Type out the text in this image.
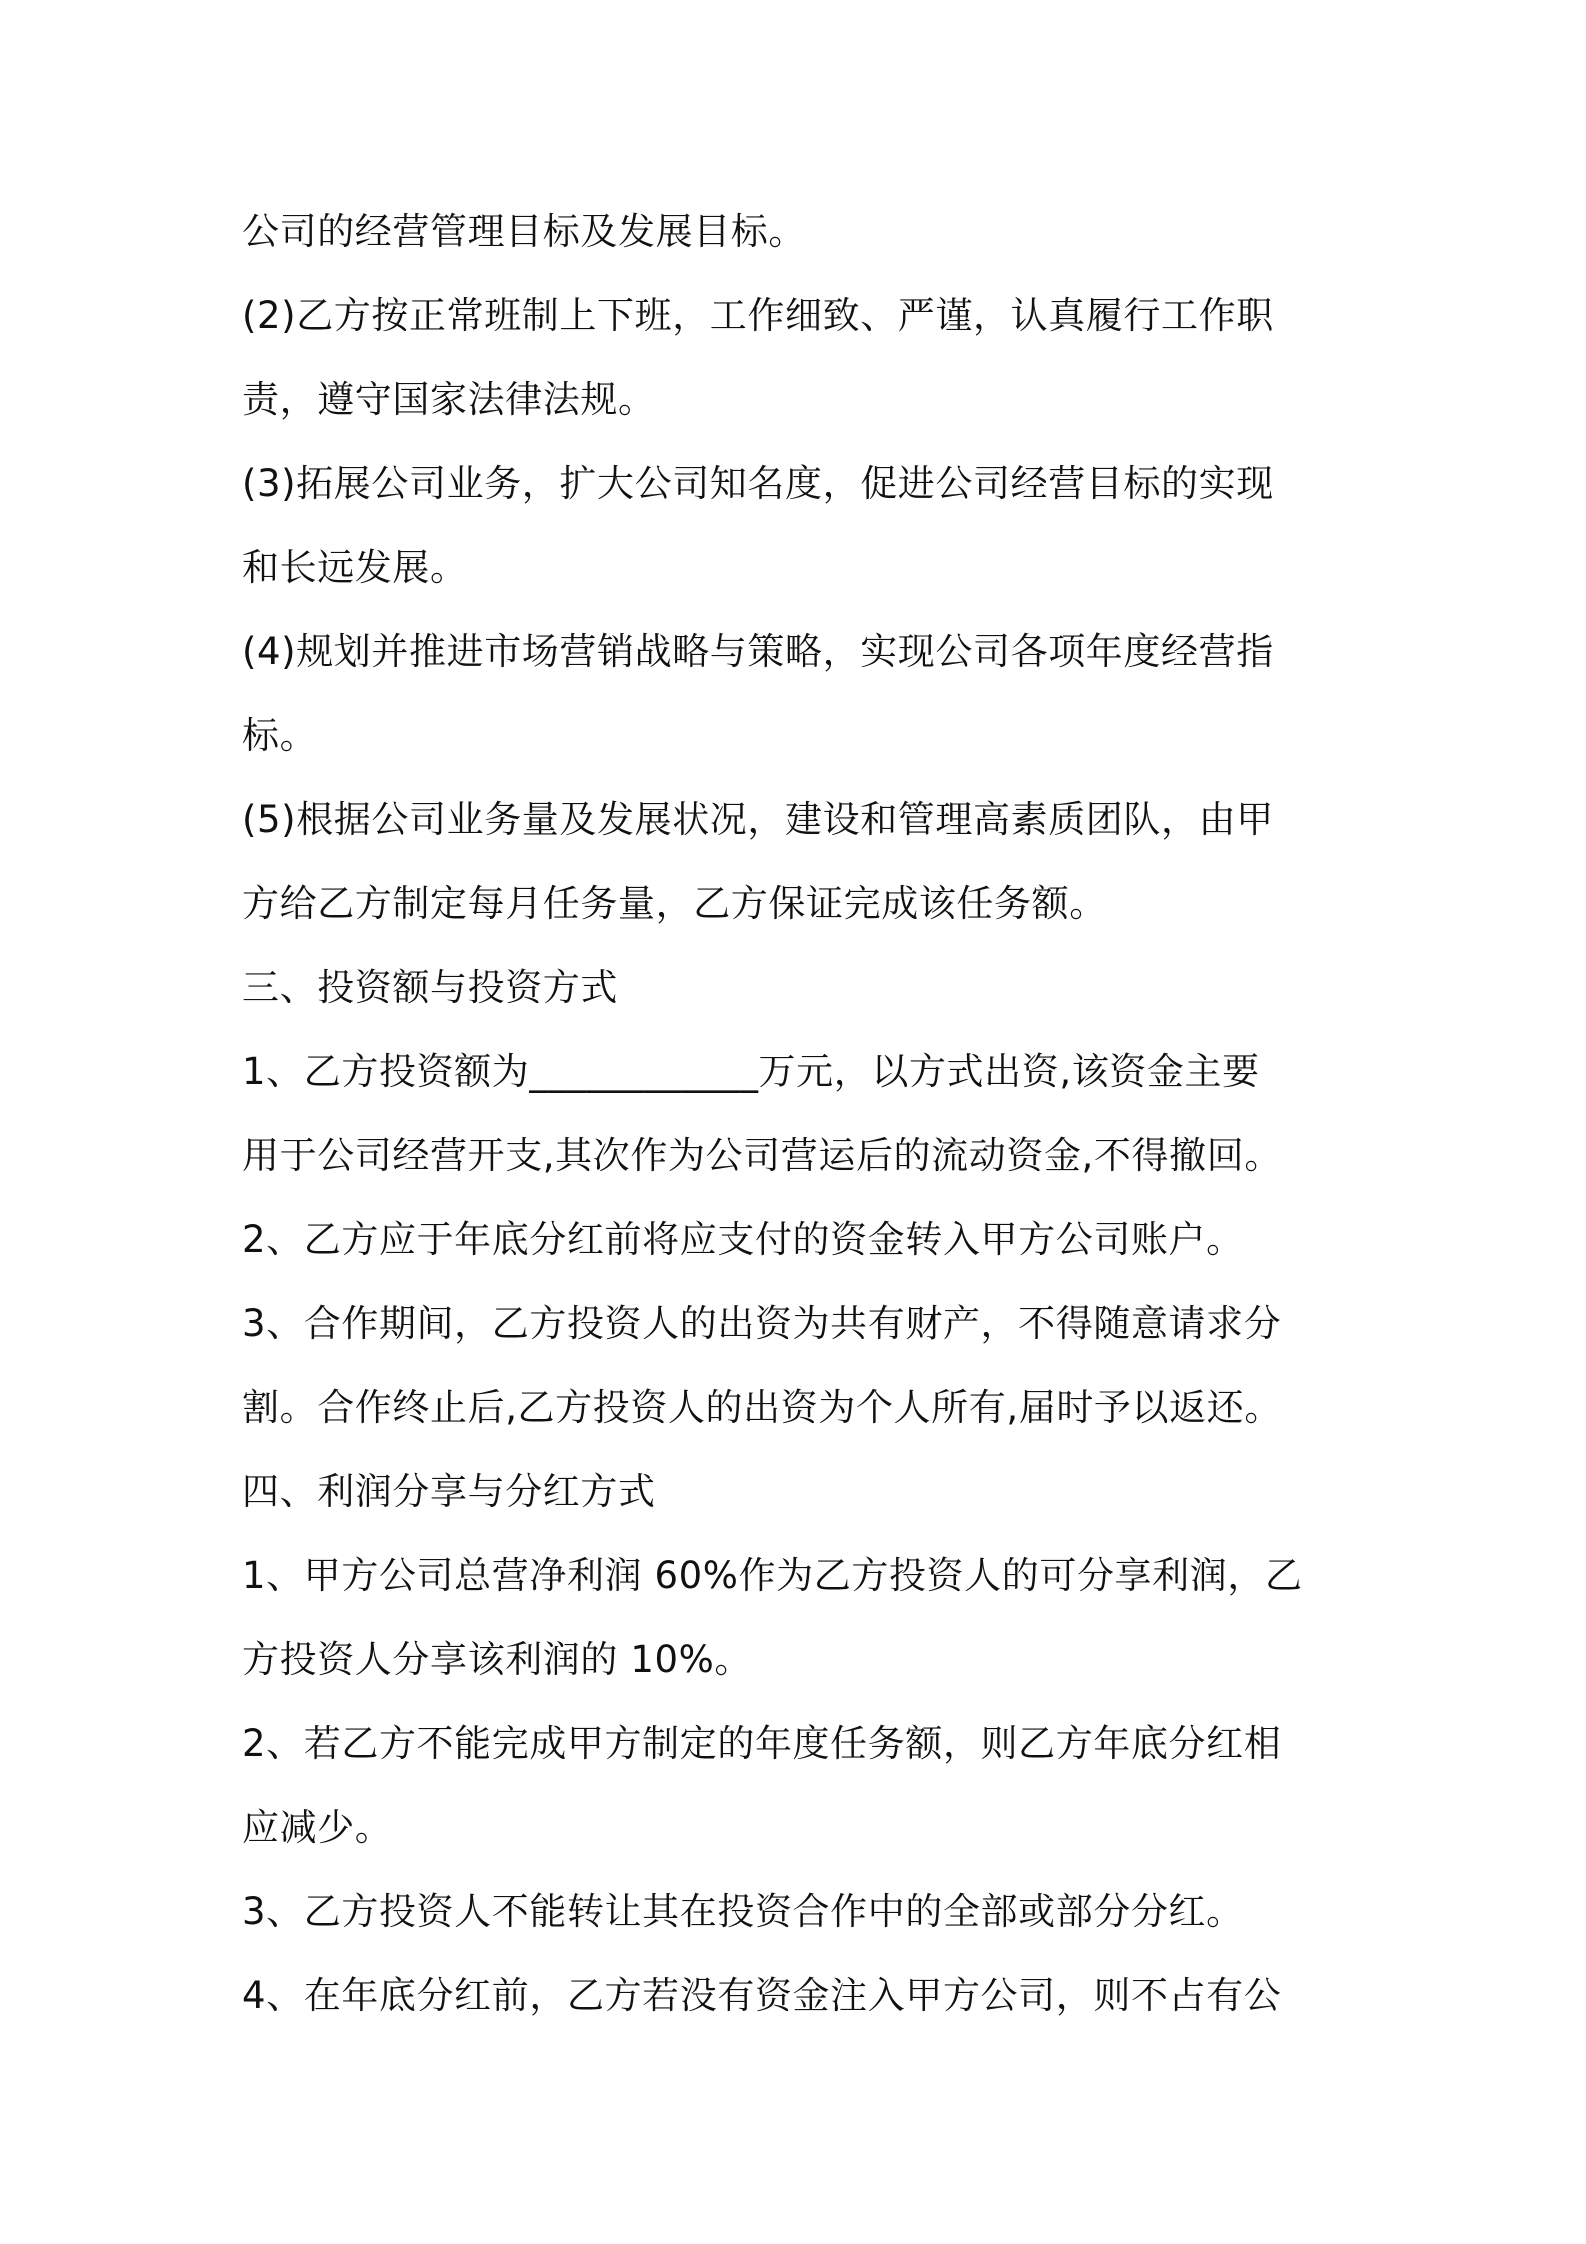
公司的经营管理目标及发展目标。
(2)乙方按正常班制上下班，工作细致、严谨，认真履行工作职
责，遵守国家法律法规。
(3)拓展公司业务，扩大公司知名度，促进公司经营目标的实现
和长远发展。
(4)规划并推进市场营销战略与策略，实现公司各项年度经营指
标。
(5)根据公司业务量及发展状况，建设和管理高素质团队，由甲
方给乙方制定每月任务量，乙方保证完成该任务额。
三、投资额与投资方式
1、乙方投资额为____________万元，以方式出资,该资金主要
用于公司经营开支,其次作为公司营运后的流动资金,不得撤回。
2、乙方应于年底分红前将应支付的资金转入甲方公司账户。
3、合作期间，乙方投资人的出资为共有财产，不得随意请求分
割。合作终止后,乙方投资人的出资为个人所有,届时予以返还。
四、利润分享与分红方式
1、甲方公司总营净利润 60%作为乙方投资人的可分享利润，乙
方投资人分享该利润的 10%。
2、若乙方不能完成甲方制定的年度任务额，则乙方年底分红相
应减少。
3、乙方投资人不能转让其在投资合作中的全部或部分分红。
4、在年底分红前，乙方若没有资金注入甲方公司，则不占有公
